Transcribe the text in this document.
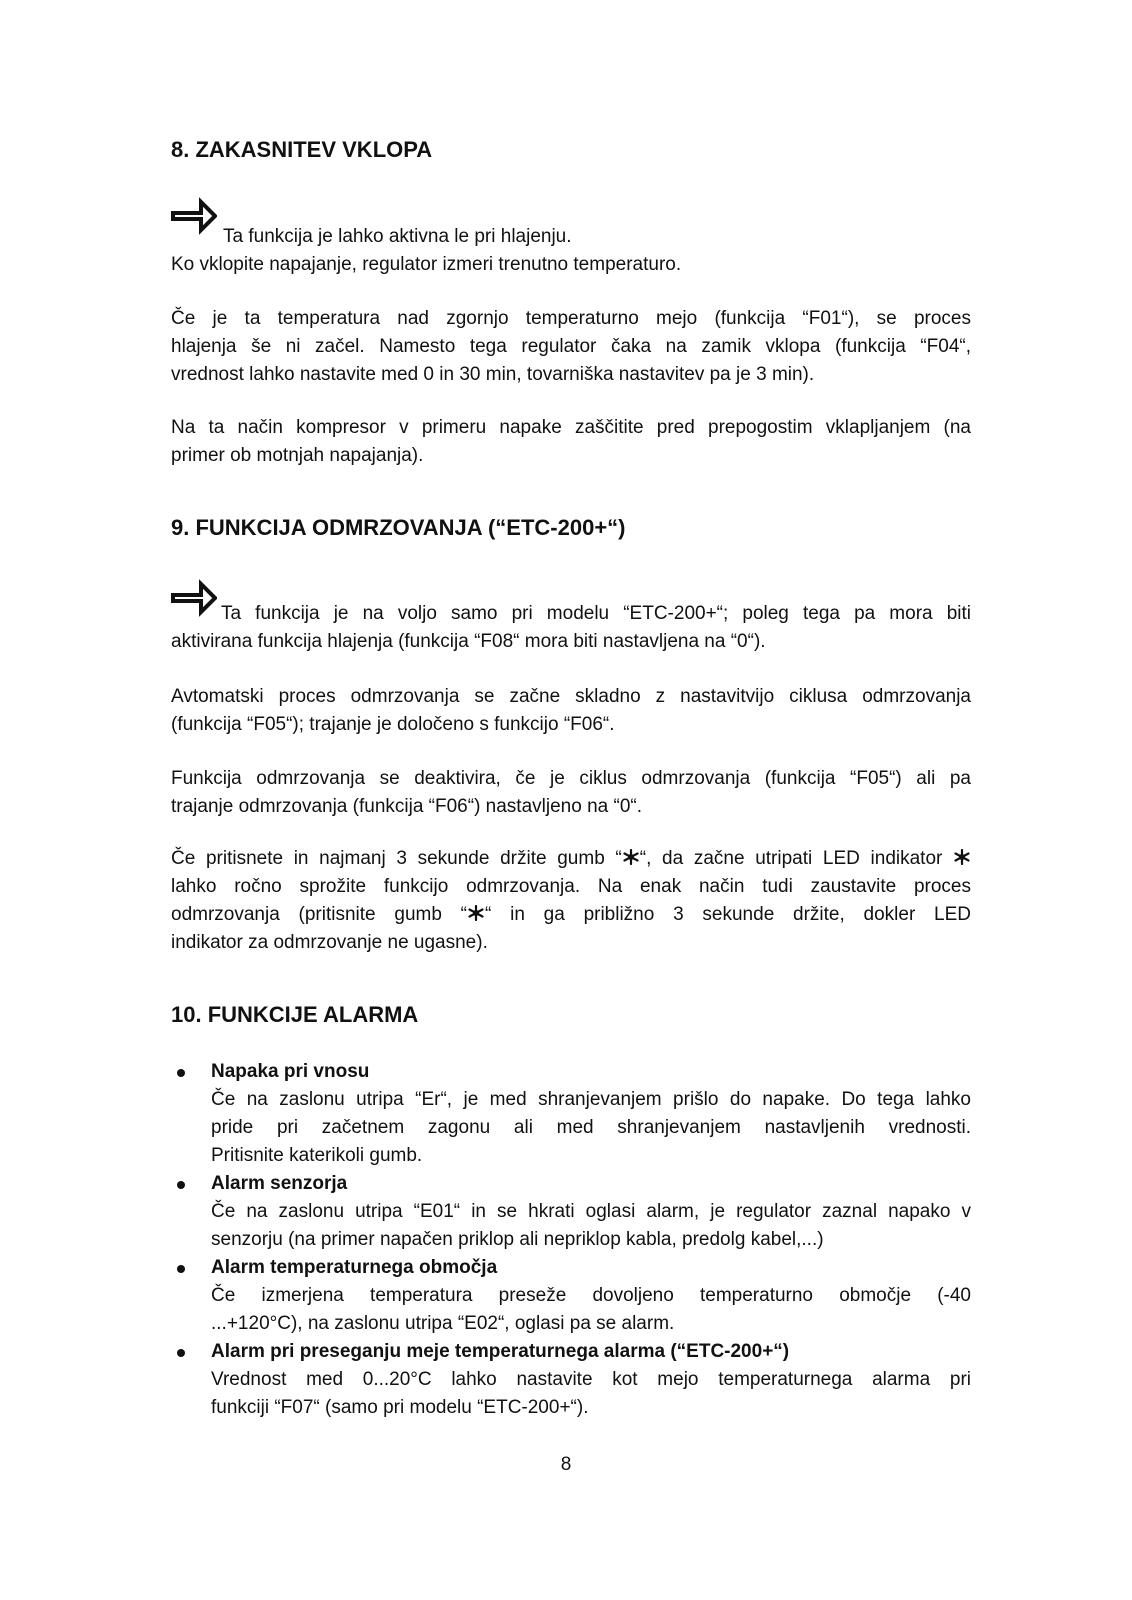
8. ZAKASNITEV VKLOPA
Ta funkcija je lahko aktivna le pri hlajenju.
Ko vklopite napajanje, regulator izmeri trenutno temperaturo.
Če je ta temperatura nad zgornjo temperaturno mejo (funkcija “F01“), se proces
hlajenja še ni začel. Namesto tega regulator čaka na zamik vklopa (funkcija “F04“,
vrednost lahko nastavite med 0 in 30 min, tovarniška nastavitev pa je 3 min).
Na ta način kompresor v primeru napake zaščitite pred prepogostim vklapljanjem (na
primer ob motnjah napajanja).
9. FUNKCIJA ODMRZOVANJA (“ETC-200+“)
Ta funkcija je na voljo samo pri modelu “ETC-200+“; poleg tega pa mora biti
aktivirana funkcija hlajenja (funkcija “F08“ mora biti nastavljena na “0“).
Avtomatski proces odmrzovanja se začne skladno z nastavitvijo ciklusa odmrzovanja
(funkcija “F05“); trajanje je določeno s funkcijo “F06“.
Funkcija odmrzovanja se deaktivira, če je ciklus odmrzovanja (funkcija “F05“) ali pa
trajanje odmrzovanja (funkcija “F06“) nastavljeno na “0“.
Če pritisnete in najmanj 3 sekunde držite gumb “ “, da začne utripati LED indikator
lahko ročno sprožite funkcijo odmrzovanja. Na enak način tudi zaustavite proces
odmrzovanja (pritisnite gumb “ “ in ga približno 3 sekunde držite, dokler LED
indikator za odmrzovanje ne ugasne).
10. FUNKCIJE ALARMA
Napaka pri vnosu
Če na zaslonu utripa “Er“, je med shranjevanjem prišlo do napake. Do tega lahko
pride pri začetnem zagonu ali med shranjevanjem nastavljenih vrednosti.
Pritisnite katerikoli gumb.
Alarm senzorja
Če na zaslonu utripa “E01“ in se hkrati oglasi alarm, je regulator zaznal napako v
senzorju (na primer napačen priklop ali nepriklop kabla, predolg kabel,...)
Alarm temperaturnega območja
Če izmerjena temperatura preseže dovoljeno temperaturno območje (-40
...+120°C), na zaslonu utripa “E02“, oglasi pa se alarm.
Alarm pri preseganju meje temperaturnega alarma (“ETC-200+“)
Vrednost med 0...20°C lahko nastavite kot mejo temperaturnega alarma pri
funkciji “F07“ (samo pri modelu “ETC-200+“).
8
